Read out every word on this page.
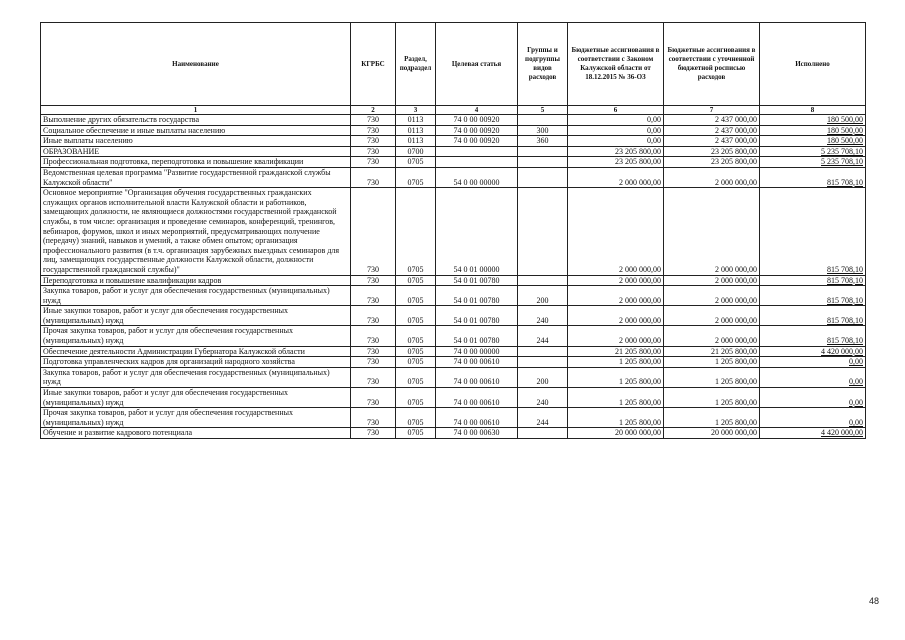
Наименование	КГРБС	Раздел, подраздел	Целевая статья	Группы и подгруппы видов расходов	Бюджетные ассигнования в соответствии с Законом Калужской области от 18.12.2015 № 36-ОЗ	Бюджетные ассигнования в соответствии с уточненной бюджетной росписью расходов	Исполнено
1	2	3	4	5	6	7	8
Выполнение других обязательств государства	730	0113	74 0 00 00920		0,00	2 437 000,00	180 500,00
Социальное обеспечение и иные выплаты населению	730	0113	74 0 00 00920	300	0,00	2 437 000,00	180 500,00
Иные выплаты населению	730	0113	74 0 00 00920	360	0,00	2 437 000,00	180 500,00
ОБРАЗОВАНИЕ	730	0700			23 205 800,00	23 205 800,00	5 235 708,10
Профессиональная подготовка, переподготовка и повышение квалификации	730	0705			23 205 800,00	23 205 800,00	5 235 708,10
Ведомственная целевая программа "Развитие государственной гражданской службы Калужской области"	730	0705	54 0 00 00000		2 000 000,00	2 000 000,00	815 708,10
Основное мероприятие "Организация обучения государственных гражданских служащих органов исполнительной власти Калужской области и работников, замещающих должности, не являющиеся должностями государственной гражданской службы, в том числе: организация и проведение семинаров, конференций, тренингов, вебинаров, форумов, школ и иных мероприятий, предусматривающих получение (передачу) знаний, навыков и умений, а также обмен опытом; организация профессионального развития (в т.ч. организация зарубежных выездных семинаров для лиц, замещающих государственные должности Калужской области, должности государственной гражданской службы)"	730	0705	54 0 01 00000		2 000 000,00	2 000 000,00	815 708,10
Переподготовка и повышение квалификации кадров	730	0705	54 0 01 00780		2 000 000,00	2 000 000,00	815 708,10
Закупка товаров, работ и услуг для обеспечения государственных (муниципальных) нужд	730	0705	54 0 01 00780	200	2 000 000,00	2 000 000,00	815 708,10
Иные закупки товаров, работ и услуг для обеспечения государственных (муниципальных) нужд	730	0705	54 0 01 00780	240	2 000 000,00	2 000 000,00	815 708,10
Прочая закупка товаров, работ и услуг для обеспечения государственных (муниципальных) нужд	730	0705	54 0 01 00780	244	2 000 000,00	2 000 000,00	815 708,10
Обеспечение деятельности Администрации Губернатора Калужской области	730	0705	74 0 00 00000		21 205 800,00	21 205 800,00	4 420 000,00
Подготовка управленческих кадров для организаций народного хозяйства	730	0705	74 0 00 00610		1 205 800,00	1 205 800,00	0,00
Закупка товаров, работ и услуг для обеспечения государственных (муниципальных) нужд	730	0705	74 0 00 00610	200	1 205 800,00	1 205 800,00	0,00
Иные закупки товаров, работ и услуг для обеспечения государственных (муниципальных) нужд	730	0705	74 0 00 00610	240	1 205 800,00	1 205 800,00	0,00
Прочая закупка товаров, работ и услуг для обеспечения государственных (муниципальных) нужд	730	0705	74 0 00 00610	244	1 205 800,00	1 205 800,00	0,00
Обучение и развитие кадрового потенциала	730	0705	74 0 00 00630		20 000 000,00	20 000 000,00	4 420 000,00
48
